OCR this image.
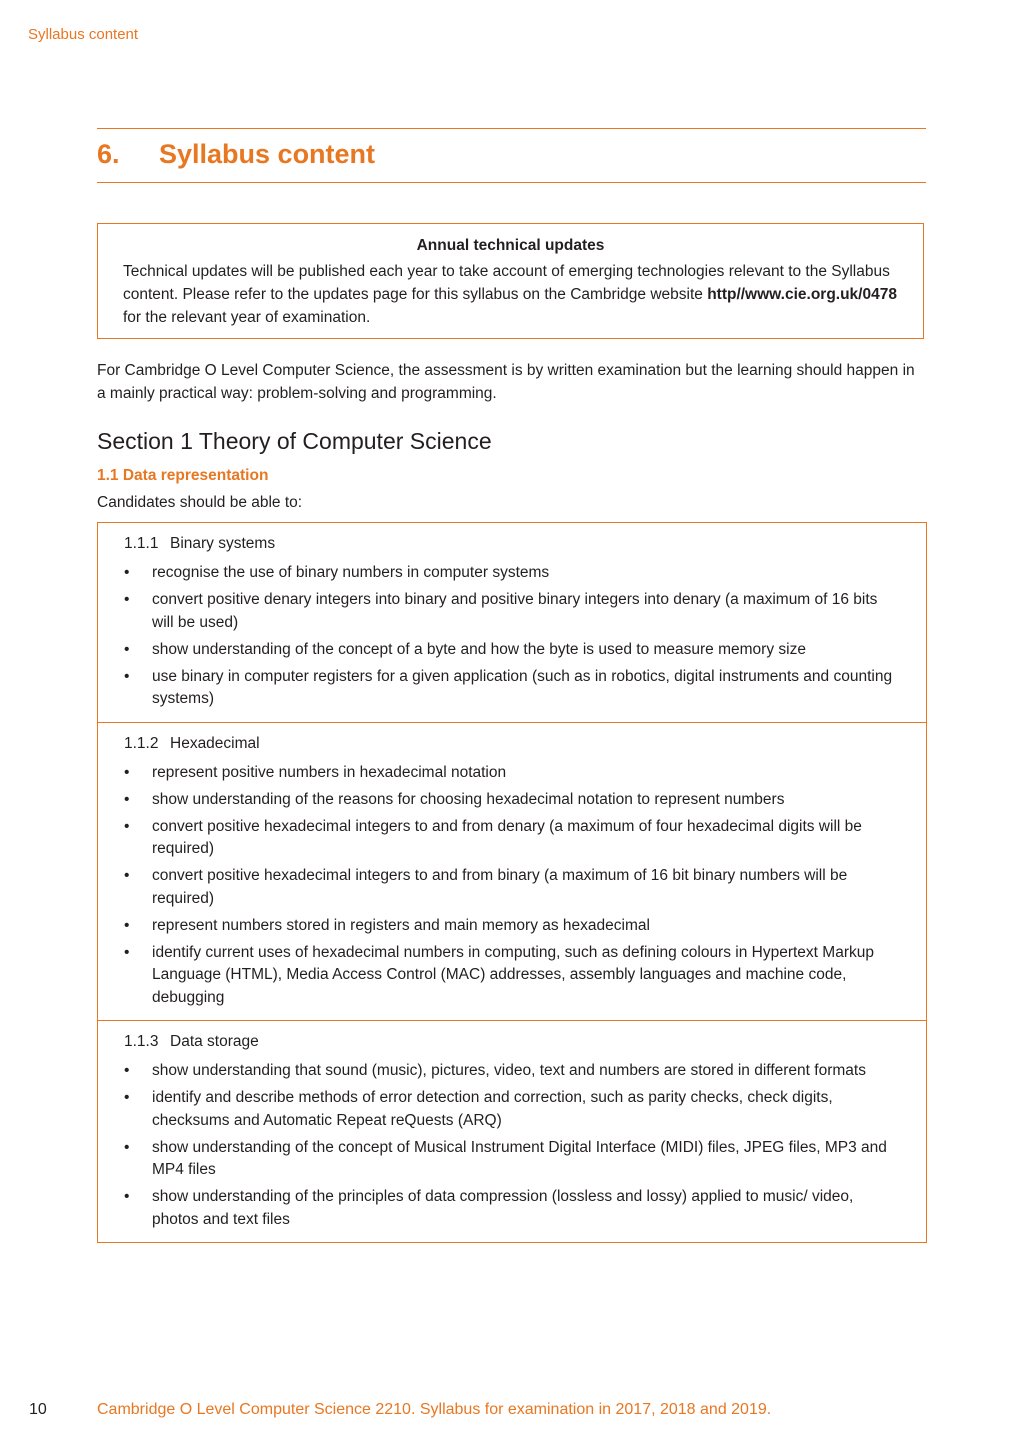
Syllabus content
6. Syllabus content
Annual technical updates
Technical updates will be published each year to take account of emerging technologies relevant to the Syllabus content. Please refer to the updates page for this syllabus on the Cambridge website http//www.cie.org.uk/0478 for the relevant year of examination.
For Cambridge O Level Computer Science, the assessment is by written examination but the learning should happen in a mainly practical way: problem-solving and programming.
Section 1 Theory of Computer Science
1.1 Data representation
Candidates should be able to:
1.1.1 Binary systems
• recognise the use of binary numbers in computer systems
• convert positive denary integers into binary and positive binary integers into denary (a maximum of 16 bits will be used)
• show understanding of the concept of a byte and how the byte is used to measure memory size
• use binary in computer registers for a given application (such as in robotics, digital instruments and counting systems)
1.1.2 Hexadecimal
• represent positive numbers in hexadecimal notation
• show understanding of the reasons for choosing hexadecimal notation to represent numbers
• convert positive hexadecimal integers to and from denary (a maximum of four hexadecimal digits will be required)
• convert positive hexadecimal integers to and from binary (a maximum of 16 bit binary numbers will be required)
• represent numbers stored in registers and main memory as hexadecimal
• identify current uses of hexadecimal numbers in computing, such as defining colours in Hypertext Markup Language (HTML), Media Access Control (MAC) addresses, assembly languages and machine code, debugging
1.1.3 Data storage
• show understanding that sound (music), pictures, video, text and numbers are stored in different formats
• identify and describe methods of error detection and correction, such as parity checks, check digits, checksums and Automatic Repeat reQuests (ARQ)
• show understanding of the concept of Musical Instrument Digital Interface (MIDI) files, JPEG files, MP3 and MP4 files
• show understanding of the principles of data compression (lossless and lossy) applied to music/ video, photos and text files
10	Cambridge O Level Computer Science 2210. Syllabus for examination in 2017, 2018 and 2019.
